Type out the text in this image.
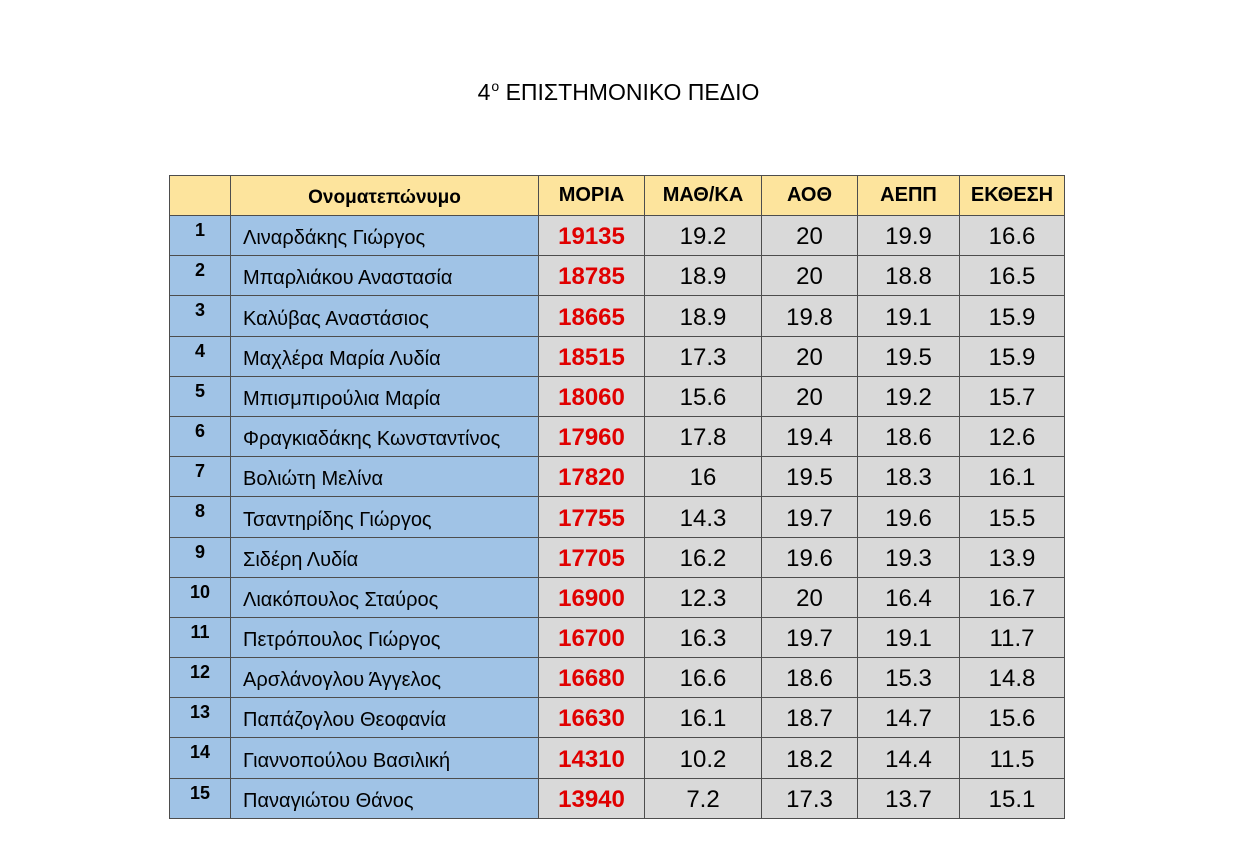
$4^o$ ΕΠΙΣΤΗΜΟΝΙΚΟ ΠΕΔΙΟ
	Ονοματεπώνυμο	ΜΟΡΙΑ	ΜΑΘ/ΚΑ	ΑΟΘ	ΑΕΠΠ	ΕΚΘΕΣΗ
1	Λιναρδάκης Γιώργος	19135	19.2	20	19.9	16.6
2	Μπαρλιάκου Αναστασία	18785	18.9	20	18.8	16.5
3	Καλύβας Αναστάσιος	18665	18.9	19.8	19.1	15.9
4	Μαχλέρα Μαρία Λυδία	18515	17.3	20	19.5	15.9
5	Μπισμπιρούλια Μαρία	18060	15.6	20	19.2	15.7
6	Φραγκιαδάκης Κωνσταντίνος	17960	17.8	19.4	18.6	12.6
7	Βολιώτη Μελίνα	17820	16	19.5	18.3	16.1
8	Τσαντηρίδης Γιώργος	17755	14.3	19.7	19.6	15.5
9	Σιδέρη Λυδία	17705	16.2	19.6	19.3	13.9
10	Λιακόπουλος Σταύρος	16900	12.3	20	16.4	16.7
11	Πετρόπουλος Γιώργος	16700	16.3	19.7	19.1	11.7
12	Αρσλάνογλου Άγγελος	16680	16.6	18.6	15.3	14.8
13	Παπάζογλου Θεοφανία	16630	16.1	18.7	14.7	15.6
14	Γιαννοπούλου Βασιλική	14310	10.2	18.2	14.4	11.5
15	Παναγιώτου Θάνος	13940	7.2	17.3	13.7	15.1
